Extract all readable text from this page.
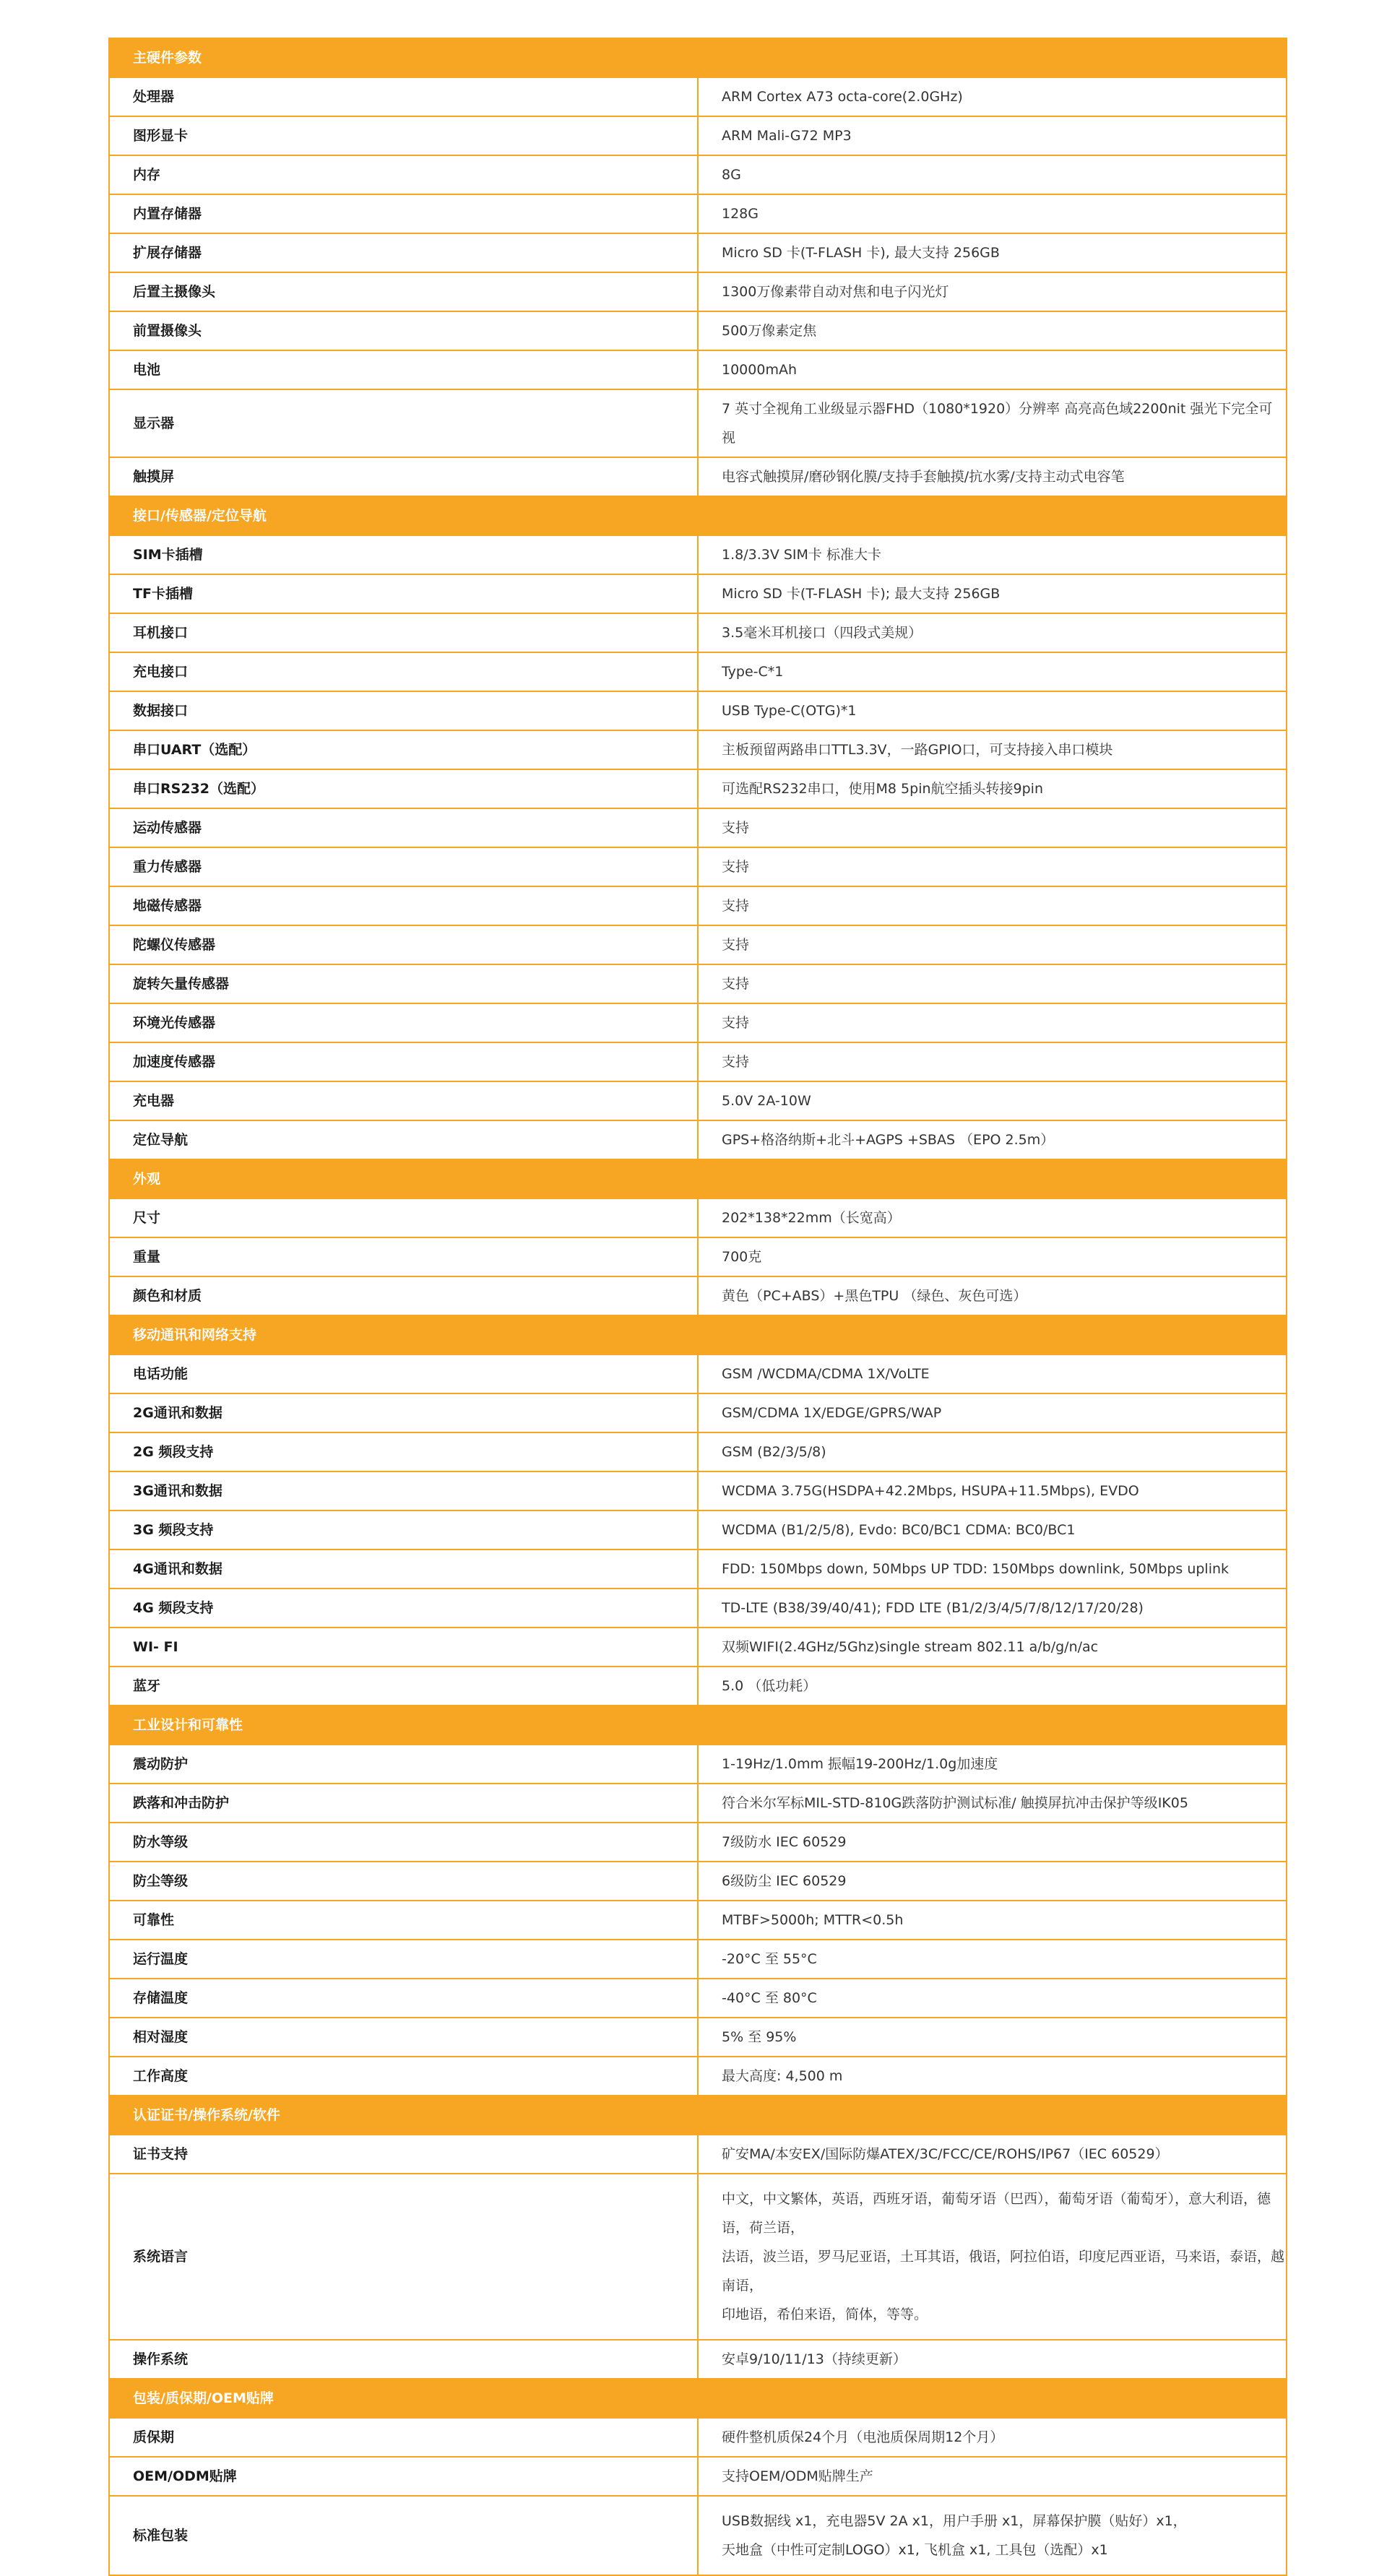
主硬件参数	
处理器	ARM Cortex A73 octa-core(2.0GHz)

图形显卡	ARM Mali-G72 MP3

内存	8G

内置存储器	128G

扩展存储器	Micro SD 卡(T-FLASH 卡), 最大支持 256GB

后置主摄像头	1300万像素带自动对焦和电子闪光灯

前置摄像头	500万像素定焦

电池	10000mAh

显示器	7 英寸全视角工业级显示器FHD（1080*1920）分辨率 高亮高色域2200nit 强光下完全可视

触摸屏	电容式触摸屏/磨砂钢化膜/支持手套触摸/抗水雾/支持主动式电容笔

接口/传感器/定位导航	
SIM卡插槽	1.8/3.3V SIM卡 标准大卡

TF卡插槽	Micro SD 卡(T-FLASH 卡); 最大支持 256GB

耳机接口	3.5毫米耳机接口（四段式美规）

充电接口	Type-C*1

数据接口	USB Type-C(OTG)*1

串口UART（选配）	主板预留两路串口TTL3.3V，一路GPIO口，可支持接入串口模块

串口RS232（选配）	可选配RS232串口，使用M8 5pin航空插头转接9pin

运动传感器	支持

重力传感器	支持

地磁传感器	支持

陀螺仪传感器	支持

旋转矢量传感器	支持

环境光传感器	支持

加速度传感器	支持

充电器	5.0V 2A-10W

定位导航	GPS+格洛纳斯+北斗+AGPS +SBAS （EPO 2.5m）

外观	
尺寸	202*138*22mm（长宽高）

重量	700克

颜色和材质	黄色（PC+ABS）+黑色TPU （绿色、灰色可选）

移动通讯和网络支持	
电话功能	GSM /WCDMA/CDMA 1X/VoLTE

2G通讯和数据	GSM/CDMA 1X/EDGE/GPRS/WAP

2G 频段支持	GSM (B2/3/5/8)

3G通讯和数据	WCDMA 3.75G(HSDPA+42.2Mbps, HSUPA+11.5Mbps), EVDO

3G 频段支持	WCDMA (B1/2/5/8), Evdo: BC0/BC1 CDMA: BC0/BC1

4G通讯和数据	FDD: 150Mbps down, 50Mbps UP TDD: 150Mbps downlink, 50Mbps uplink

4G 频段支持	TD-LTE (B38/39/40/41); FDD LTE (B1/2/3/4/5/7/8/12/17/20/28)

WI- FI	双频WIFI(2.4GHz/5Ghz)single stream 802.11 a/b/g/n/ac

蓝牙	5.0 （低功耗）

工业设计和可靠性	
震动防护	1-19Hz/1.0mm 振幅19-200Hz/1.0g加速度

跌落和冲击防护	符合米尔军标MIL-STD-810G跌落防护测试标准/ 触摸屏抗冲击保护等级IK05

防水等级	7级防水 IEC 60529

防尘等级	6级防尘 IEC 60529

可靠性	MTBF>5000h; MTTR<0.5h

运行温度	-20°C 至 55°C

存储温度	-40°C 至 80°C

相对湿度	5% 至 95%

工作高度	最大高度: 4,500 m

认证证书/操作系统/软件	
证书支持	矿安MA/本安EX/国际防爆ATEX/3C/FCC/CE/ROHS/IP67（IEC 60529）

系统语言	中文，中文繁体，英语，西班牙语，葡萄牙语（巴西），葡萄牙语（葡萄牙），意大利语，德语，荷兰语，
法语，波兰语，罗马尼亚语，土耳其语，俄语，阿拉伯语，印度尼西亚语，马来语，泰语，越南语，
印地语，希伯来语，简体，等等。

操作系统	安卓9/10/11/13（持续更新）

包装/质保期/OEM贴牌	
质保期	硬件整机质保24个月（电池质保周期12个月）

OEM/ODM贴牌	支持OEM/ODM贴牌生产

标准包装	USB数据线 x1，充电器5V 2A x1，用户手册 x1，屏幕保护膜（贴好）x1，
天地盒（中性可定制LOGO）x1, 飞机盒 x1, 工具包（选配）x1
